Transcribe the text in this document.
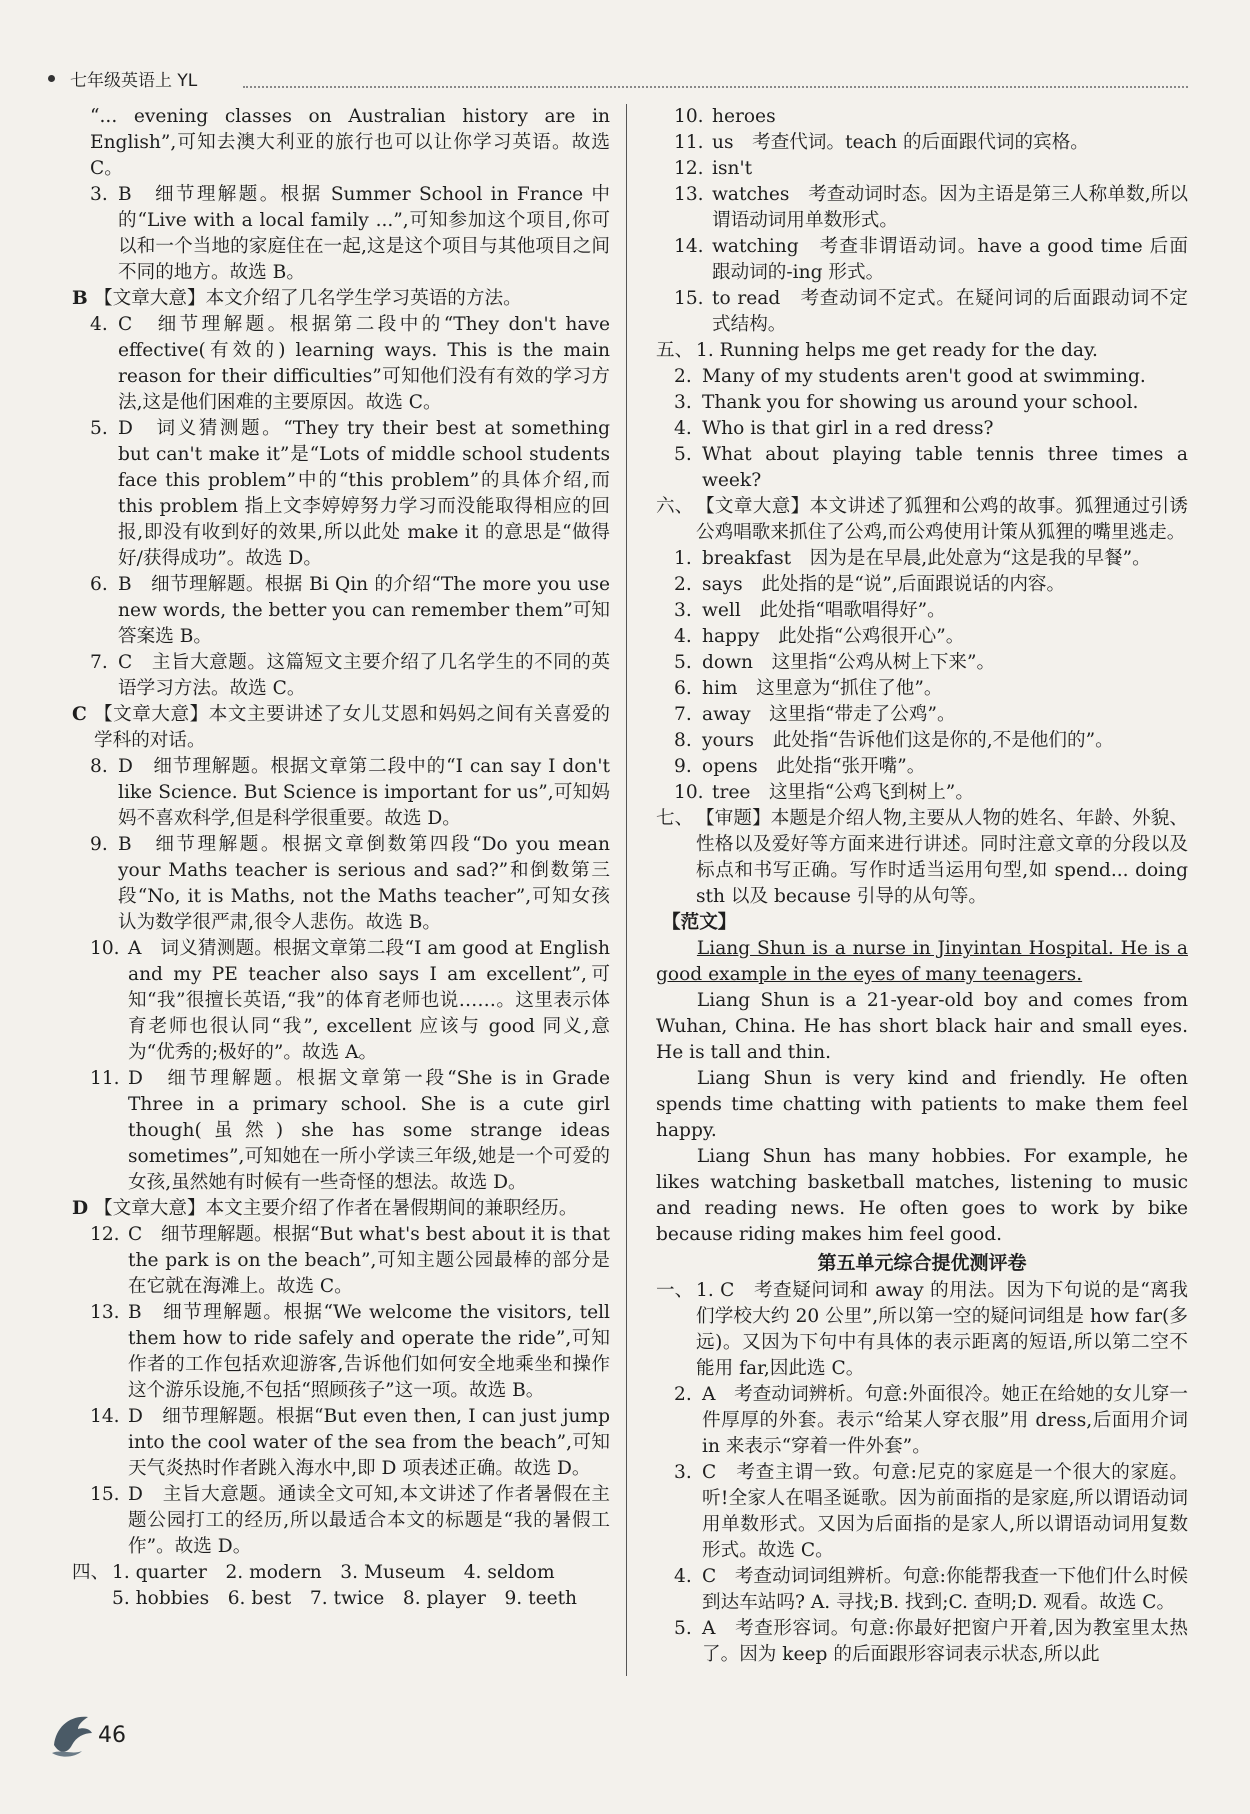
七年级英语上 YL
“... evening classes on Australian history are in English”,可知去澳大利亚的旅行也可以让你学习英语。故选 C。
3. B　细节理解题。根据 Summer School in France 中的“Live with a local family ...”,可知参加这个项目,你可以和一个当地的家庭住在一起,这是这个项目与其他项目之间不同的地方。故选 B。
B 【文章大意】本文介绍了几名学生学习英语的方法。
4. C　细节理解题。根据第二段中的“They don't have effective(有效的) learning ways. This is the main reason for their difficulties”可知他们没有有效的学习方法,这是他们困难的主要原因。故选 C。
5. D　词义猜测题。“They try their best at something but can't make it”是“Lots of middle school students face this problem”中的“this problem”的具体介绍,而 this problem 指上文李婷婷努力学习而没能取得相应的回报,即没有收到好的效果,所以此处 make it 的意思是“做得好/获得成功”。故选 D。
6. B　细节理解题。根据 Bi Qin 的介绍“The more you use new words, the better you can remember them”可知答案选 B。
7. C　主旨大意题。这篇短文主要介绍了几名学生的不同的英语学习方法。故选 C。
C 【文章大意】本文主要讲述了女儿艾恩和妈妈之间有关喜爱的学科的对话。
8. D　细节理解题。根据文章第二段中的“I can say I don't like Science. But Science is important for us”,可知妈妈不喜欢科学,但是科学很重要。故选 D。
9. B　细节理解题。根据文章倒数第四段“Do you mean your Maths teacher is serious and sad?”和倒数第三段“No, it is Maths, not the Maths teacher”,可知女孩认为数学很严肃,很令人悲伤。故选 B。
10. A　词义猜测题。根据文章第二段“I am good at English and my PE teacher also says I am excellent”,可知“我”很擅长英语,“我”的体育老师也说……。这里表示体育老师也很认同“我”, excellent 应该与 good 同义,意为“优秀的;极好的”。故选 A。
11. D　细节理解题。根据文章第一段“She is in Grade Three in a primary school. She is a cute girl though(虽然) she has some strange ideas sometimes”,可知她在一所小学读三年级,她是一个可爱的女孩,虽然她有时候有一些奇怪的想法。故选 D。
D 【文章大意】本文主要介绍了作者在暑假期间的兼职经历。
12. C　细节理解题。根据“But what's best about it is that the park is on the beach”,可知主题公园最棒的部分是在它就在海滩上。故选 C。
13. B　细节理解题。根据“We welcome the visitors, tell them how to ride safely and operate the ride”,可知作者的工作包括欢迎游客,告诉他们如何安全地乘坐和操作这个游乐设施,不包括“照顾孩子”这一项。故选 B。
14. D　细节理解题。根据“But even then, I can just jump into the cool water of the sea from the beach”,可知天气炎热时作者跳入海水中,即 D 项表述正确。故选 D。
15. D　主旨大意题。通读全文可知,本文讲述了作者暑假在主题公园打工的经历,所以最适合本文的标题是“我的暑假工作”。故选 D。
四、 1. quarter　2. modern　3. Museum　4. seldom
5. hobbies　6. best　7. twice　8. player　9. teeth
10. heroes
11. us　考查代词。teach 的后面跟代词的宾格。
12. isn't
13. watches　考查动词时态。因为主语是第三人称单数,所以谓语动词用单数形式。
14. watching　考查非谓语动词。have a good time 后面跟动词的-ing 形式。
15. to read　考查动词不定式。在疑问词的后面跟动词不定式结构。
五、 1. Running helps me get ready for the day.
2. Many of my students aren't good at swimming.
3. Thank you for showing us around your school.
4. Who is that girl in a red dress?
5. What about playing table tennis three times a week?
六、 【文章大意】本文讲述了狐狸和公鸡的故事。狐狸通过引诱公鸡唱歌来抓住了公鸡,而公鸡使用计策从狐狸的嘴里逃走。
1. breakfast　因为是在早晨,此处意为“这是我的早餐”。
2. says　此处指的是“说”,后面跟说话的内容。
3. well　此处指“唱歌唱得好”。
4. happy　此处指“公鸡很开心”。
5. down　这里指“公鸡从树上下来”。
6. him　这里意为“抓住了他”。
7. away　这里指“带走了公鸡”。
8. yours　此处指“告诉他们这是你的,不是他们的”。
9. opens　此处指“张开嘴”。
10. tree　这里指“公鸡飞到树上”。
七、 【审题】本题是介绍人物,主要从人物的姓名、年龄、外貌、性格以及爱好等方面来进行讲述。同时注意文章的分段以及标点和书写正确。写作时适当运用句型,如 spend... doing sth 以及 because 引导的从句等。
【范文】

Liang Shun is a nurse in Jinyintan Hospital. He is a good example in the eyes of many teenagers.

Liang Shun is a 21-year-old boy and comes from Wuhan, China. He has short black hair and small eyes. He is tall and thin.

Liang Shun is very kind and friendly. He often spends time chatting with patients to make them feel happy.

Liang Shun has many hobbies. For example, he likes watching basketball matches, listening to music and reading news. He often goes to work by bike because riding makes him feel good.

第五单元综合提优测评卷
一、 1. C　考查疑问词和 away 的用法。因为下句说的是“离我们学校大约 20 公里”,所以第一空的疑问词组是 how far(多远)。又因为下句中有具体的表示距离的短语,所以第二空不能用 far,因此选 C。
2. A　考查动词辨析。句意:外面很冷。她正在给她的女儿穿一件厚厚的外套。表示“给某人穿衣服”用 dress,后面用介词 in 来表示“穿着一件外套”。
3. C　考查主谓一致。句意:尼克的家庭是一个很大的家庭。听!全家人在唱圣诞歌。因为前面指的是家庭,所以谓语动词用单数形式。又因为后面指的是家人,所以谓语动词用复数形式。故选 C。
4. C　考查动词词组辨析。句意:你能帮我查一下他们什么时候到达车站吗? A. 寻找;B. 找到;C. 查明;D. 观看。故选 C。
5. A　考查形容词。句意:你最好把窗户开着,因为教室里太热了。因为 keep 的后面跟形容词表示状态,所以此
46
